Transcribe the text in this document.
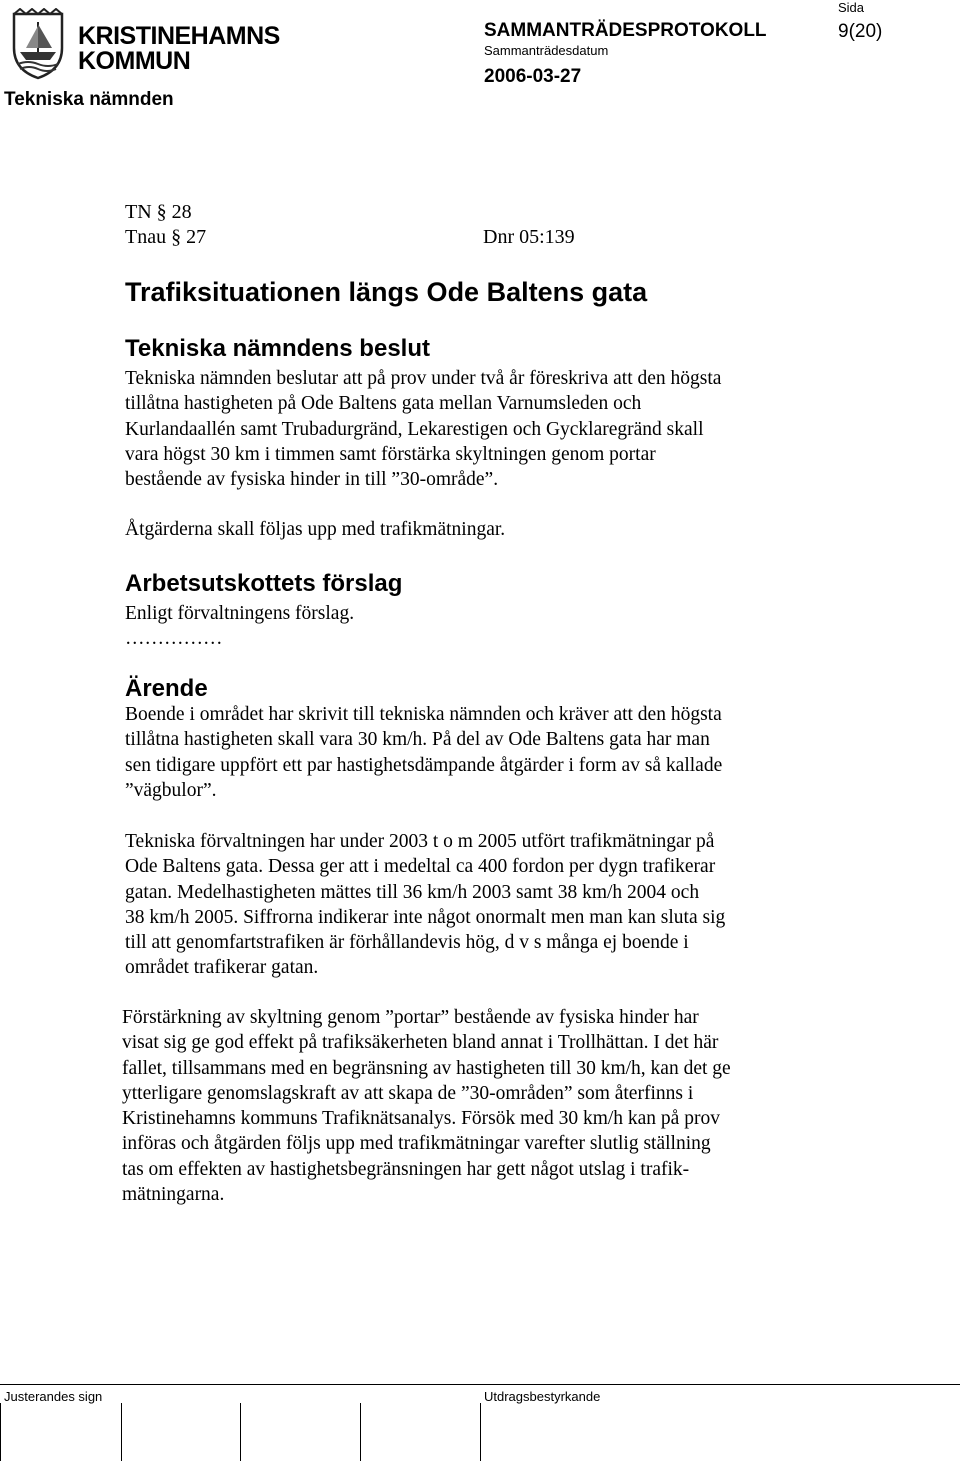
KRISTINEHAMNS
KOMMUN
Tekniska nämnden
SAMMANTRÄDESPROTOKOLL
Sammanträdesdatum
2006-03-27
Sida
9(20)
TN § 28
Tnau § 27	Dnr 05:139
Trafiksituationen längs Ode Baltens gata
Tekniska nämndens beslut
Tekniska nämnden beslutar att på prov under två år föreskriva att den högsta
tillåtna hastigheten på Ode Baltens gata mellan Varnumsleden och
Kurlandaallén samt Trubadurgränd, Lekarestigen och Gycklaregränd skall
vara högst 30 km i timmen samt förstärka skyltningen genom portar
bestående av fysiska hinder in till ”30-område”.
Åtgärderna skall följas upp med trafikmätningar.
Arbetsutskottets förslag
Enligt förvaltningens förslag.
……………
Ärende
Boende i området har skrivit till tekniska nämnden och kräver att den högsta
tillåtna hastigheten skall vara 30 km/h. På del av Ode Baltens gata har man
sen tidigare uppfört ett par hastighetsdämpande åtgärder i form av så kallade
”vägbulor”.
Tekniska förvaltningen har under 2003 t o m 2005 utfört trafikmätningar på
Ode Baltens gata. Dessa ger att i medeltal ca 400 fordon per dygn trafikerar
gatan. Medelhastigheten mättes till 36 km/h 2003 samt 38 km/h 2004 och
38 km/h 2005. Siffrorna indikerar inte något onormalt men man kan sluta sig
till att genomfartstrafiken är förhållandevis hög, d v s många ej boende i
området trafikerar gatan.
Förstärkning av skyltning genom ”portar” bestående av fysiska hinder har
visat sig ge god effekt på trafiksäkerheten bland annat i Trollhättan. I det här
fallet, tillsammans med en begränsning av hastigheten till 30 km/h, kan det ge
ytterligare genomslagskraft av att skapa de ”30-områden” som återfinns i
Kristinehamns kommuns Trafiknätsanalys. Försök med 30 km/h kan på prov
införas och åtgärden följs upp med trafikmätningar varefter slutlig ställning
tas om effekten av hastighetsbegränsningen har gett något utslag i trafik-
mätningarna.
Justerandes sign	Utdragsbestyrkande
